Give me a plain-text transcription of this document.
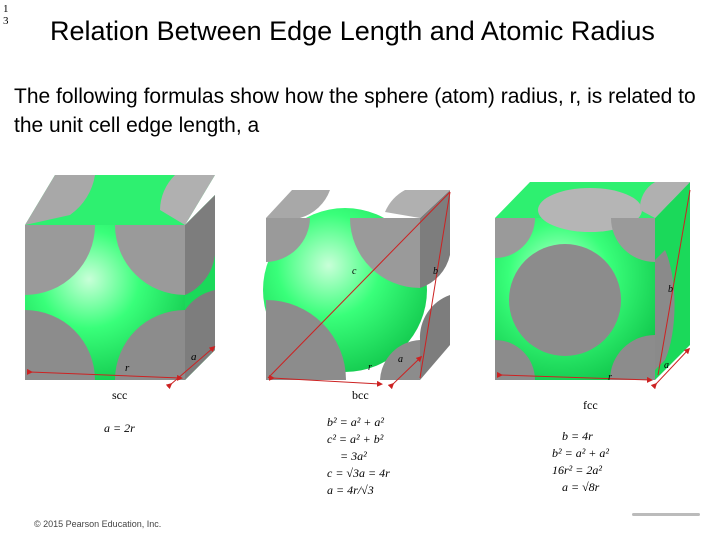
1
3 Relation Between Edge Length and Atomic Radius
The following formulas show how the sphere (atom) radius, r, is related to the unit cell edge length, a
r
a
c	b
r
a
b
r
a
scc	bcc
fcc
a = 2r	b² = a² + a²
c² = a² + b²
= 3a²
c = √3a = 4r
a = 4r/√3
b = 4r
b² = a² + a²
16r² = 2a²
a = √8r
© 2015 Pearson Education, Inc.
